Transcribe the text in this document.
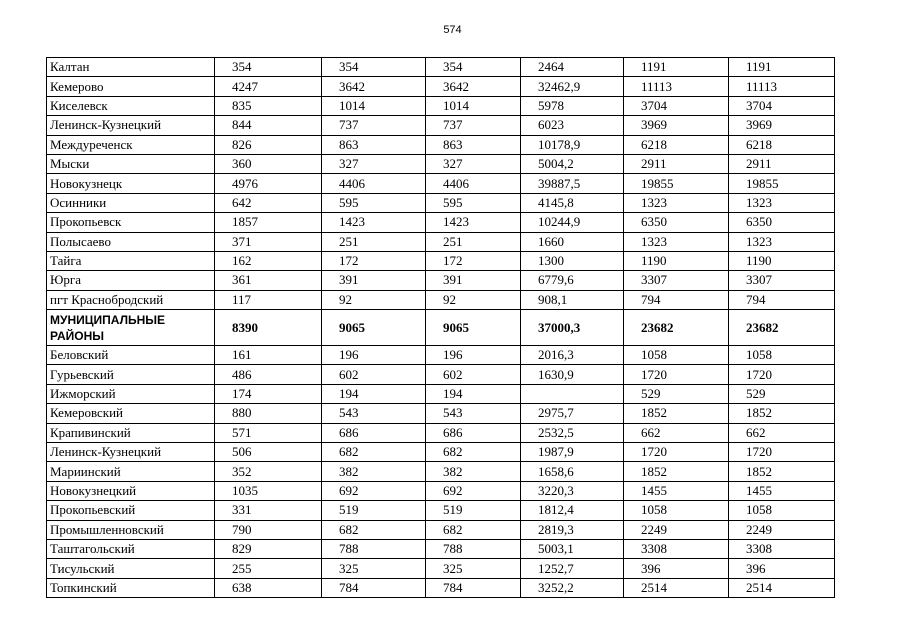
574
Калтан	354	354	354	2464	1191	1191
Кемерово	4247	3642	3642	32462,9	11113	11113
Киселевск	835	1014	1014	5978	3704	3704
Ленинск-Кузнецкий	844	737	737	6023	3969	3969
Междуреченск	826	863	863	10178,9	6218	6218
Мыски	360	327	327	5004,2	2911	2911
Новокузнецк	4976	4406	4406	39887,5	19855	19855
Осинники	642	595	595	4145,8	1323	1323
Прокопьевск	1857	1423	1423	10244,9	6350	6350
Полысаево	371	251	251	1660	1323	1323
Тайга	162	172	172	1300	1190	1190
Юрга	361	391	391	6779,6	3307	3307
пгт Краснобродский	117	92	92	908,1	794	794
МУНИЦИПАЛЬНЫЕ РАЙОНЫ	8390	9065	9065	37000,3	23682	23682
Беловский	161	196	196	2016,3	1058	1058
Гурьевский	486	602	602	1630,9	1720	1720
Ижморский	174	194	194		529	529
Кемеровский	880	543	543	2975,7	1852	1852
Крапивинский	571	686	686	2532,5	662	662
Ленинск-Кузнецкий	506	682	682	1987,9	1720	1720
Мариинский	352	382	382	1658,6	1852	1852
Новокузнецкий	1035	692	692	3220,3	1455	1455
Прокопьевский	331	519	519	1812,4	1058	1058
Промышленновский	790	682	682	2819,3	2249	2249
Таштагольский	829	788	788	5003,1	3308	3308
Тисульский	255	325	325	1252,7	396	396
Топкинский	638	784	784	3252,2	2514	2514
